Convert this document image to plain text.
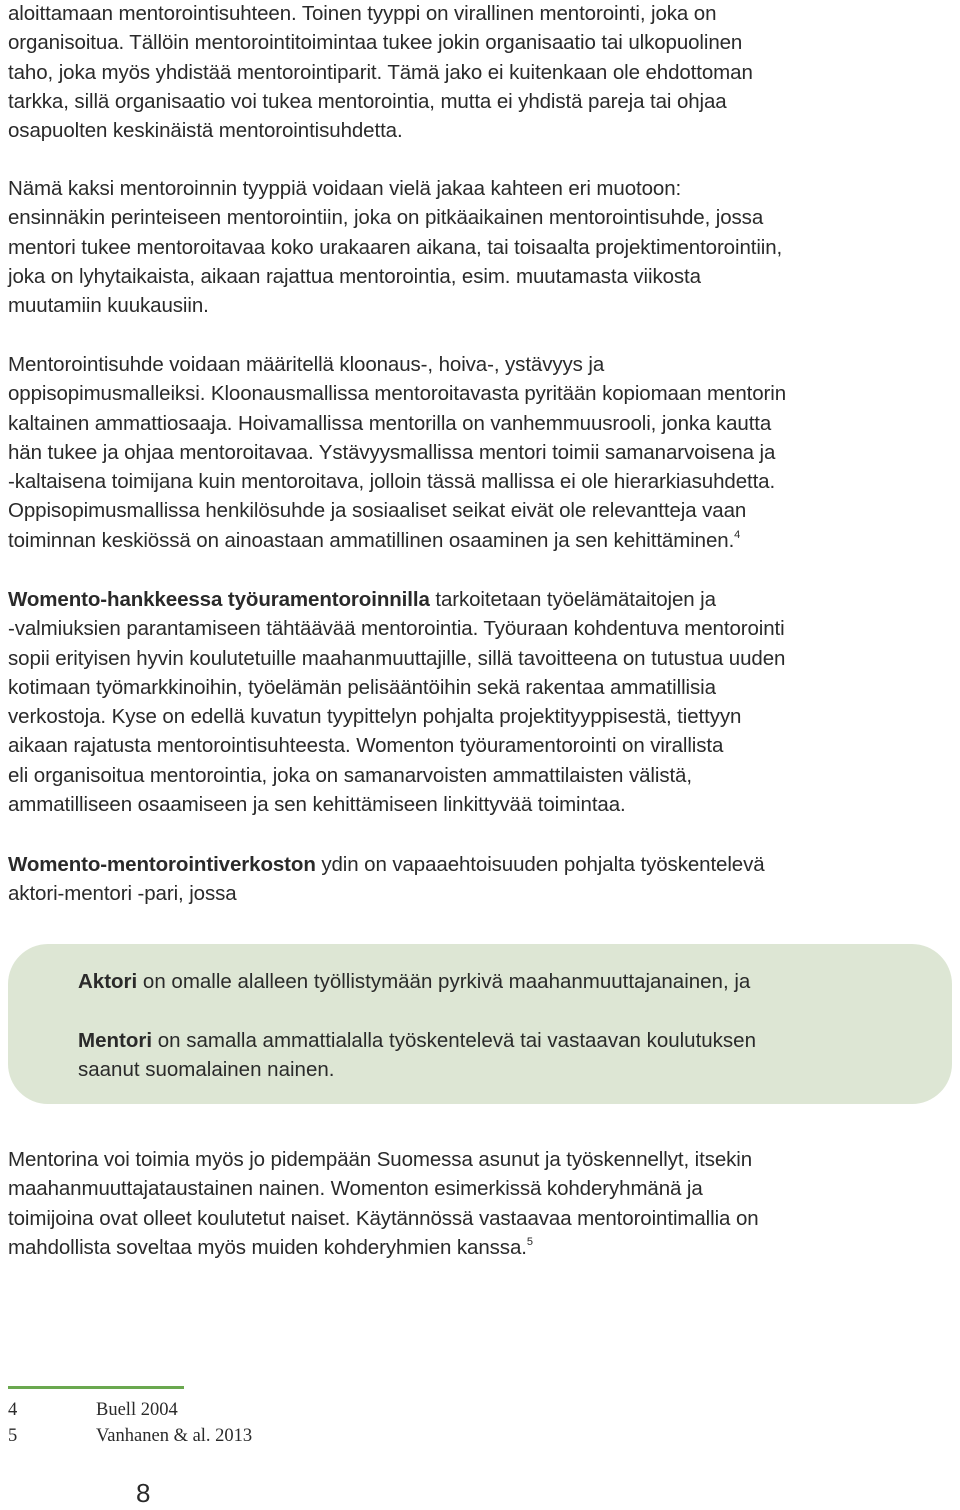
aloittamaan mentorointisuhteen. Toinen tyyppi on virallinen mentorointi, joka on
organisoitua. Tällöin mentorointitoimintaa tukee jokin organisaatio tai ulkopuolinen
taho, joka myös yhdistää mentorointiparit. Tämä jako ei kuitenkaan ole ehdottoman
tarkka, sillä organisaatio voi tukea mentorointia, mutta ei yhdistä pareja tai ohjaa
osapuolten keskinäistä mentorointisuhdetta.

Nämä kaksi mentoroinnin tyyppiä voidaan vielä jakaa kahteen eri muotoon:
ensinnäkin perinteiseen mentorointiin, joka on pitkäaikainen mentorointisuhde, jossa
mentori tukee mentoroitavaa koko urakaaren aikana, tai toisaalta projektimentorointiin,
joka on lyhytaikaista, aikaan rajattua mentorointia, esim. muutamasta viikosta
muutamiin kuukausiin.

Mentorointisuhde voidaan määritellä kloonaus-, hoiva-, ystävyys ja
oppisopimusmalleiksi. Kloonausmallissa mentoroitavasta pyritään kopiomaan mentorin
kaltainen ammattiosaaja. Hoivamallissa mentorilla on vanhemmuusrooli, jonka kautta
hän tukee ja ohjaa mentoroitavaa. Ystävyysmallissa mentori toimii samanarvoisena ja
-kaltaisena toimijana kuin mentoroitava, jolloin tässä mallissa ei ole hierarkiasuhdetta.
Oppisopimusmallissa henkilösuhde ja sosiaaliset seikat eivät ole relevantteja vaan
toiminnan keskiössä on ainoastaan ammatillinen osaaminen ja sen kehittäminen.$^4$

Womento-hankkeessa työuramentoroinnilla tarkoitetaan työelämätaitojen ja
-valmiuksien parantamiseen tähtäävää mentorointia. Työuraan kohdentuva mentorointi
sopii erityisen hyvin koulutetuille maahanmuuttajille, sillä tavoitteena on tutustua uuden
kotimaan työmarkkinoihin, työelämän pelisääntöihin sekä rakentaa ammatillisia
verkostoja. Kyse on edellä kuvatun tyypittelyn pohjalta projektityyppisestä, tiettyyn
aikaan rajatusta mentorointisuhteesta. Womenton työuramentorointi on virallista
eli organisoitua mentorointia, joka on samanarvoisten ammattilaisten välistä,
ammatilliseen osaamiseen ja sen kehittämiseen linkittyvää toimintaa.

Womento-mentorointiverkoston ydin on vapaaehtoisuuden pohjalta työskentelevä
aktori-mentori -pari, jossa

Aktori on omalle alalleen työllistymään pyrkivä maahanmuuttajanainen, ja

Mentori on samalla ammattialalla työskentelevä tai vastaavan koulutuksen
saanut suomalainen nainen.

Mentorina voi toimia myös jo pidempään Suomessa asunut ja työskennellyt, itsekin
maahanmuuttajataustainen nainen. Womenton esimerkissä kohderyhmänä ja
toimijoina ovat olleet koulutetut naiset. Käytännössä vastaavaa mentorointimallia on
mahdollista soveltaa myös muiden kohderyhmien kanssa.$^5$

4	Buell 2004

5	Vanhanen & al. 2013

8
